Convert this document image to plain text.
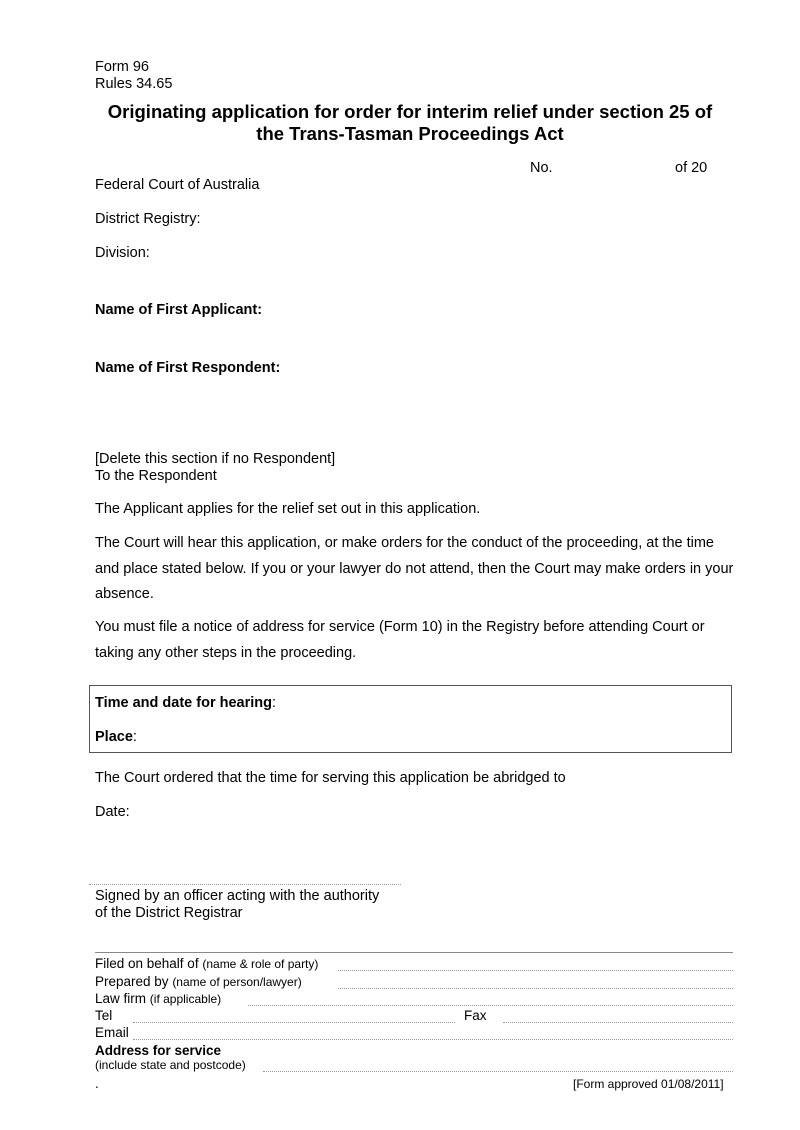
Form 96
Rules 34.65
Originating application for order for interim relief under section 25 of
the Trans-Tasman Proceedings Act
No.	of 20
Federal Court of Australia
District Registry:
Division:
Name of First Applicant:
Name of First Respondent:
[Delete this section if no Respondent]
To the Respondent
The Applicant applies for the relief set out in this application.
The Court will hear this application, or make orders for the conduct of the proceeding, at the time and place stated below. If you or your lawyer do not attend, then the Court may make orders in your absence.
You must file a notice of address for service (Form 10) in the Registry before attending Court or taking any other steps in the proceeding.
Time and date for hearing:
Place:
The Court ordered that the time for serving this application be abridged to
Date:
Signed by an officer acting with the authority
of the District Registrar
Filed on behalf of (name & role of party)
Prepared by (name of person/lawyer)
Law firm (if applicable)
Tel	Fax
Email
Address for service
(include state and postcode)
.	[Form approved 01/08/2011]
